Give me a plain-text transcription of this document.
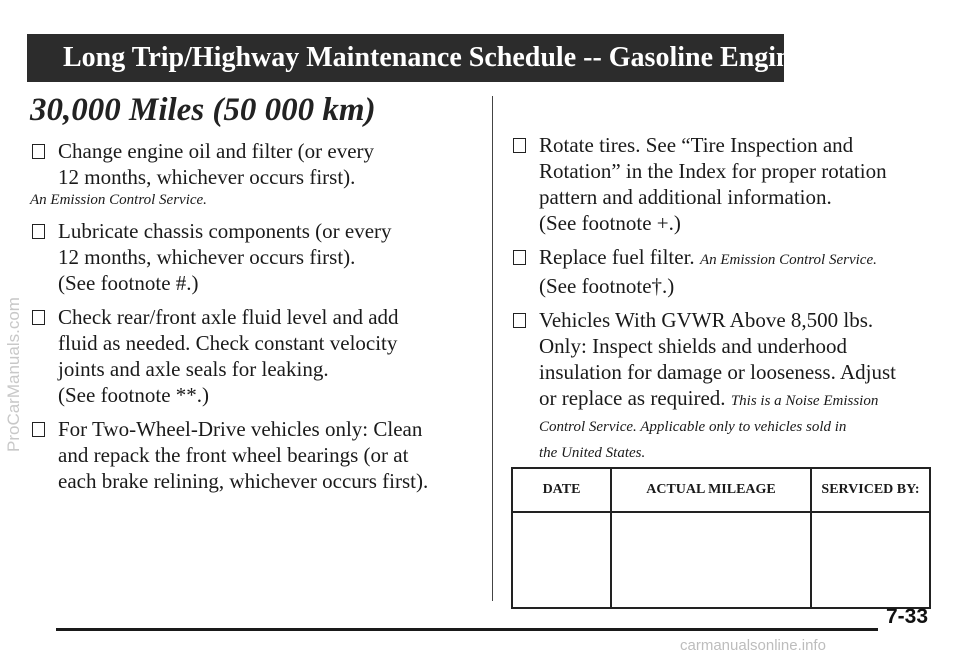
Long Trip/Highway Maintenance Schedule -- Gasoline Engines
ProCarManuals.com
30,000 Miles (50 000 km)
Change engine oil and filter (or every
12 months, whichever occurs first).
An Emission Control Service.
Lubricate chassis components (or every
12 months, whichever occurs first).
(See footnote #.)
Check rear/front axle fluid level and add
fluid as needed. Check constant velocity
joints and axle seals for leaking.
(See footnote **.)
For Two-Wheel-Drive vehicles only: Clean
and repack the front wheel bearings (or at
each brake relining, whichever occurs first).
Rotate tires. See “Tire Inspection and
Rotation” in the Index for proper rotation
pattern and additional information.
(See footnote +.)
Replace fuel filter. An Emission Control Service.
(See footnote†.)
Vehicles With GVWR Above 8,500 lbs.
Only: Inspect shields and underhood
insulation for damage or looseness. Adjust
or replace as required. This is a Noise Emission
Control Service. Applicable only to vehicles sold in
the United States.
DATE	ACTUAL MILEAGE	SERVICED BY:

7-33
carmanualsonline.info
